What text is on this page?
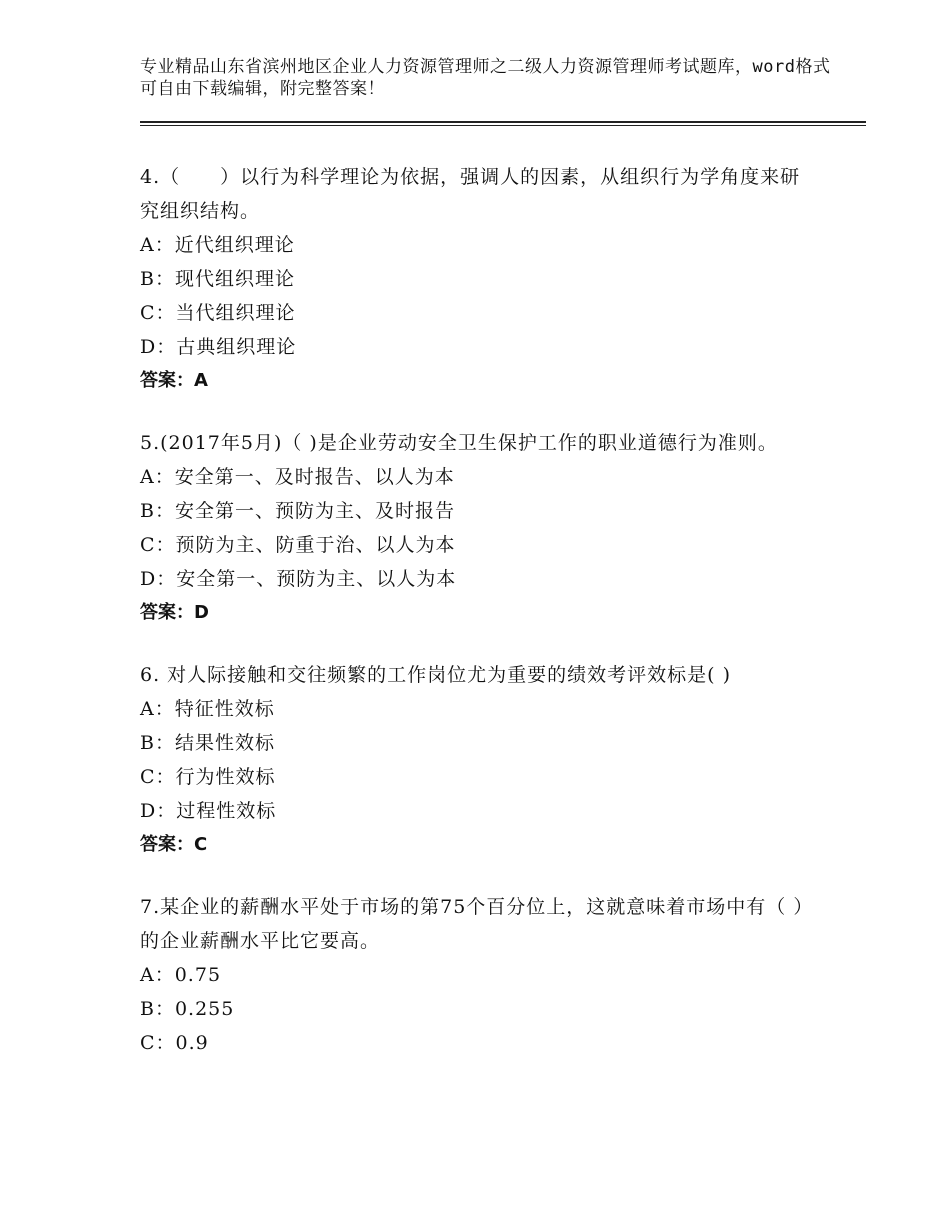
专业精品山东省滨州地区企业人力资源管理师之二级人力资源管理师考试题库，word格式可自由下载编辑，附完整答案！
4.（　　）以行为科学理论为依据，强调人的因素，从组织行为学角度来研究组织结构。
A：近代组织理论
B：现代组织理论
C：当代组织理论
D：古典组织理论
答案：A
5.(2017年5月)（ )是企业劳动安全卫生保护工作的职业道德行为准则。
A：安全第一、及时报告、以人为本
B：安全第一、预防为主、及时报告
C：预防为主、防重于治、以人为本
D：安全第一、预防为主、以人为本
答案：D
6. 对人际接触和交往频繁的工作岗位尤为重要的绩效考评效标是( )
A：特征性效标
B：结果性效标
C：行为性效标
D：过程性效标
答案：C
7.某企业的薪酬水平处于市场的第75个百分位上，这就意味着市场中有（ ）的企业薪酬水平比它要高。
A：0.75
B：0.255
C：0.9
